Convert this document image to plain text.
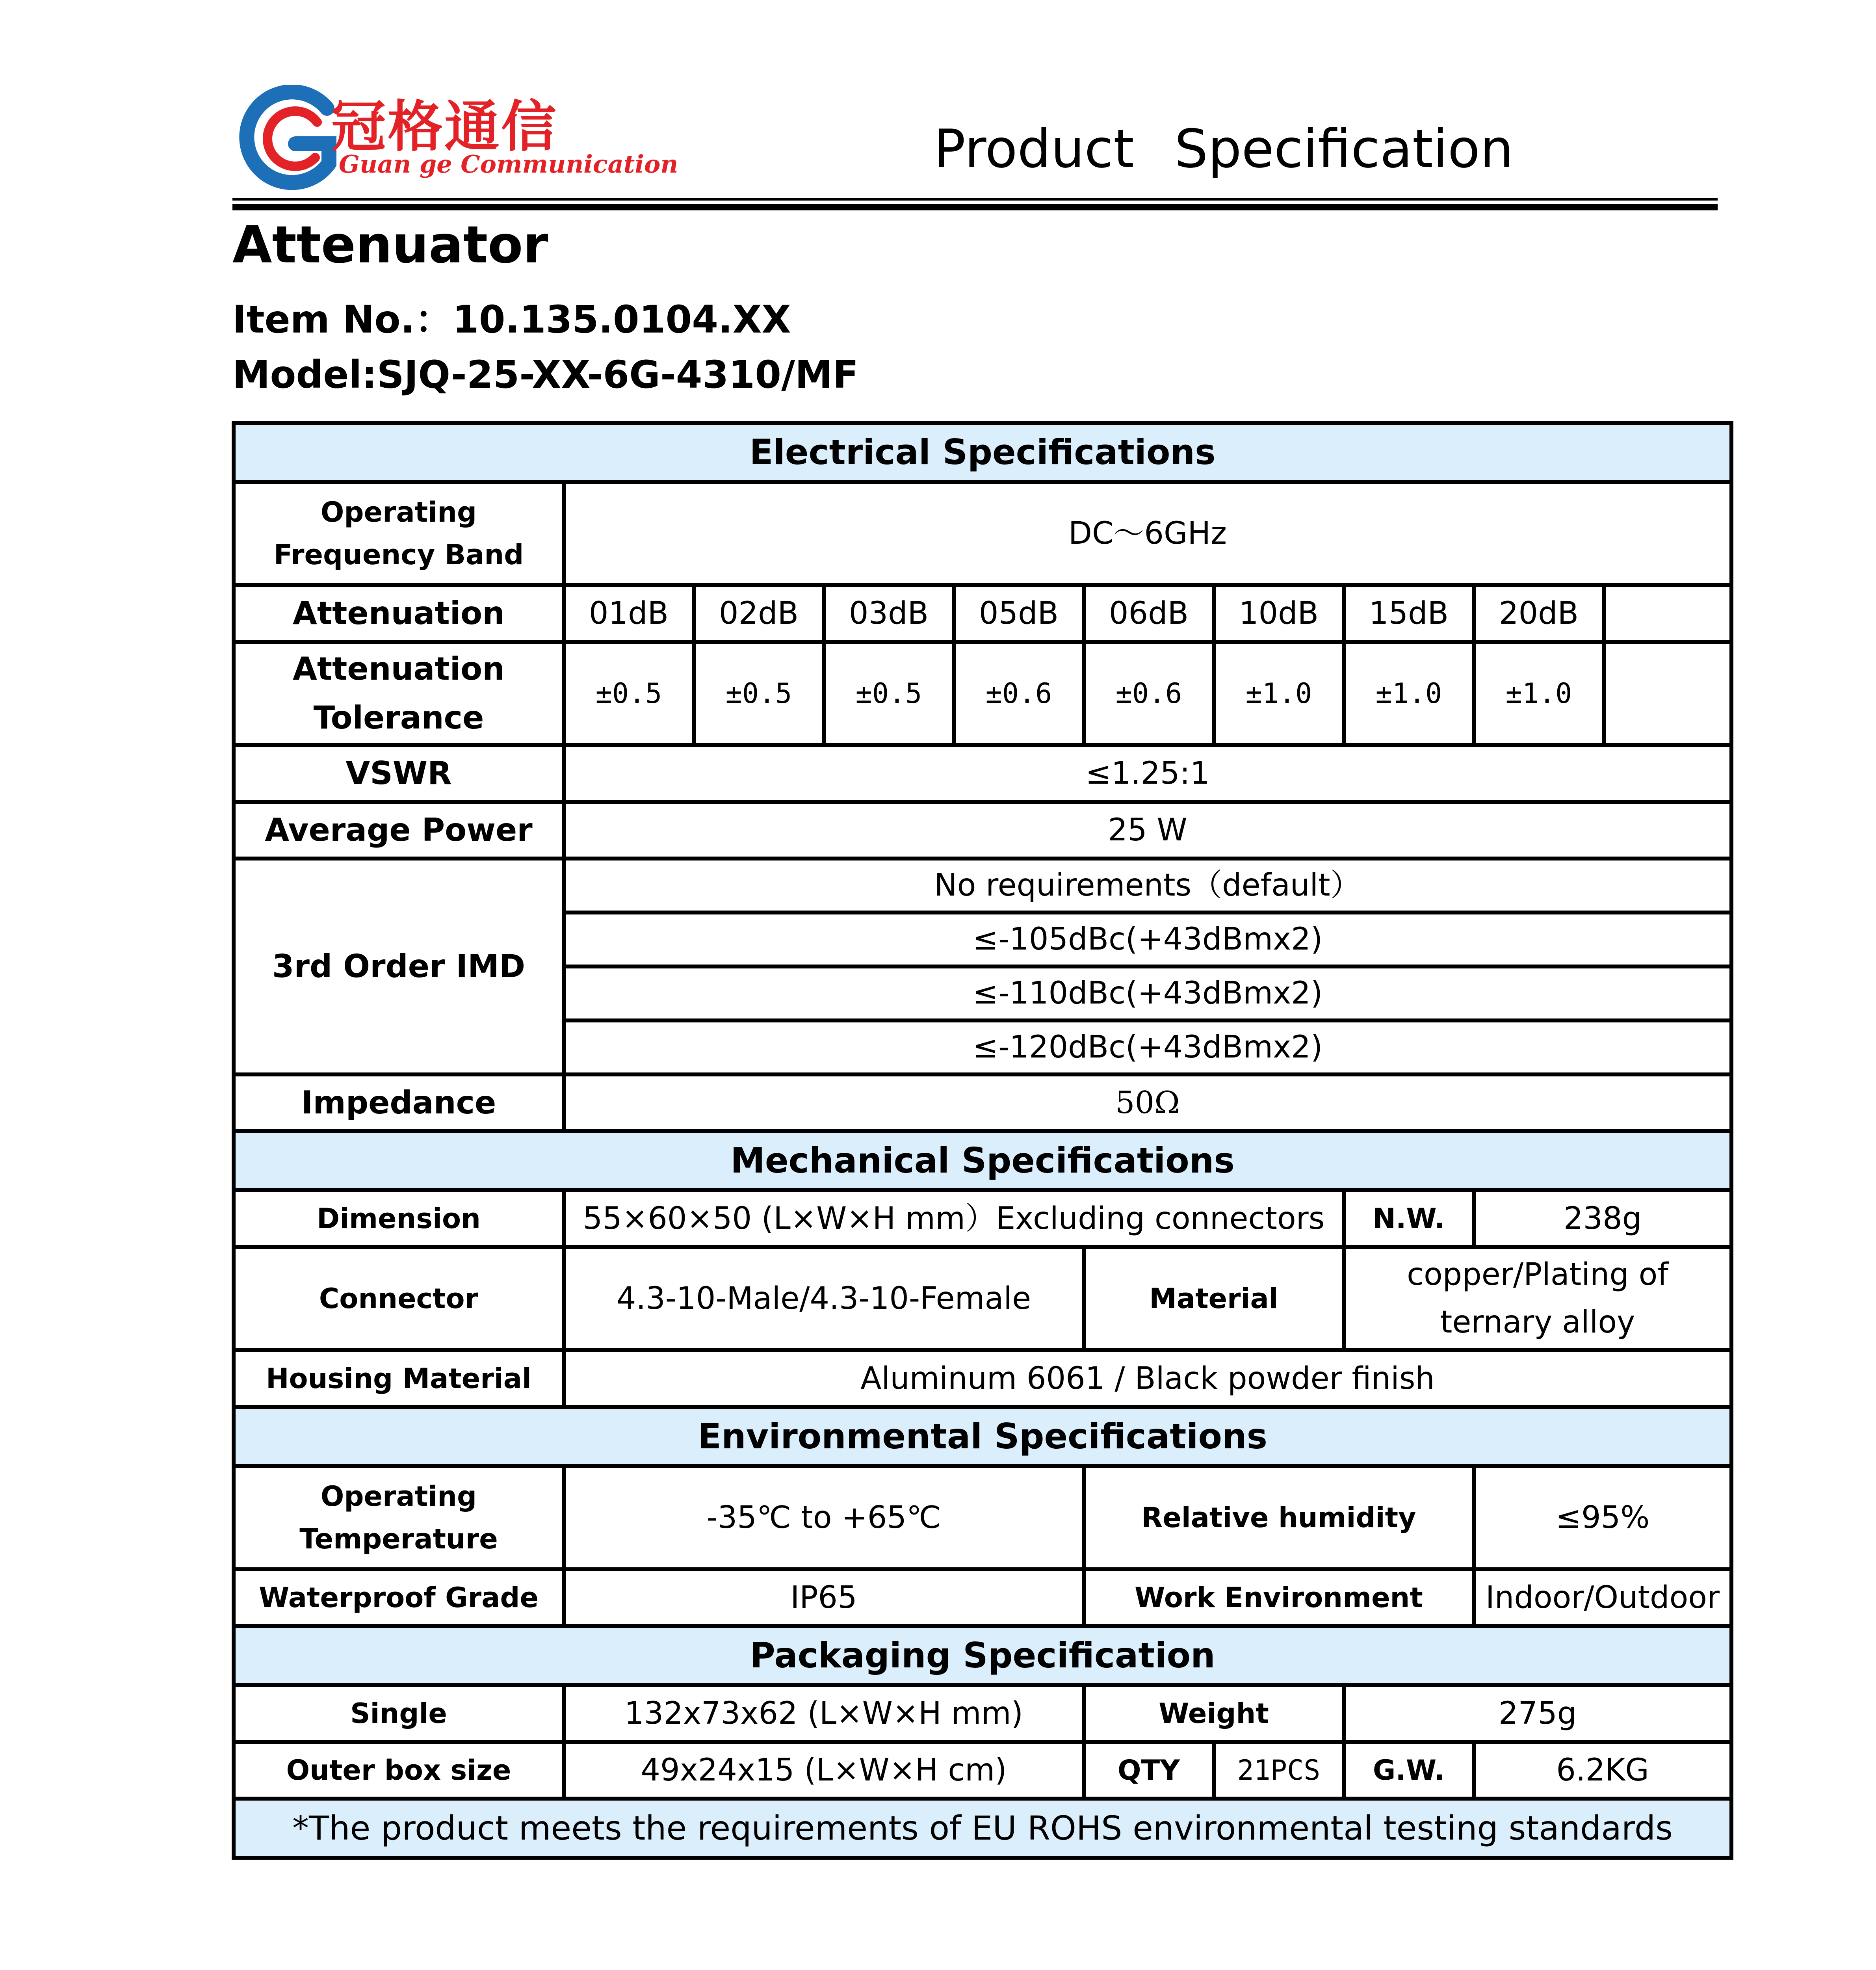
冠格通信
Guan ge Communication	Product Specification
Attenuator
Item No.：10.135.0104.XX
Model:SJQ-25-XX-6G-4310/MF
Electrical Specifications									

Operating
Frequency Band	DC～6GHz								
Attenuation	01dB	02dB	03dB	05dB	06dB	10dB	15dB	20dB	

Attenuation
Tolerance	±0.5	±0.5	±0.5	±0.6	±0.6	±1.0	±1.0	±1.0	
VSWR	≤1.25:1								
Average Power	25 W								
3rd Order IMD	No requirements（default）								
	≤-105dBc(+43dBmx2)								
	≤-110dBc(+43dBmx2)								
	≤-120dBc(+43dBmx2)								
Impedance	50Ω								
Mechanical Specifications									
Dimension	55×60×50 (L×W×H mm）Excluding connectors						N.W.	238g	
Connector	4.3-10-Male/4.3-10-Female				Material		copper/Plating of
ternary alloy		

Housing Material	Aluminum 6061 / Black powder finish								
Environmental Specifications									

Operating
Temperature	-35℃ to +65℃				Relative humidity			≤95%	
Waterproof Grade	IP65				Work Environment			Indoor/Outdoor	
Packaging Specification									
Single	132x73x62 (L×W×H mm)				Weight		275g		
Outer box size	49x24x15 (L×W×H cm)				QTY	21PCS	G.W.	6.2KG	
*The product meets the requirements of EU ROHS environmental testing standards									
